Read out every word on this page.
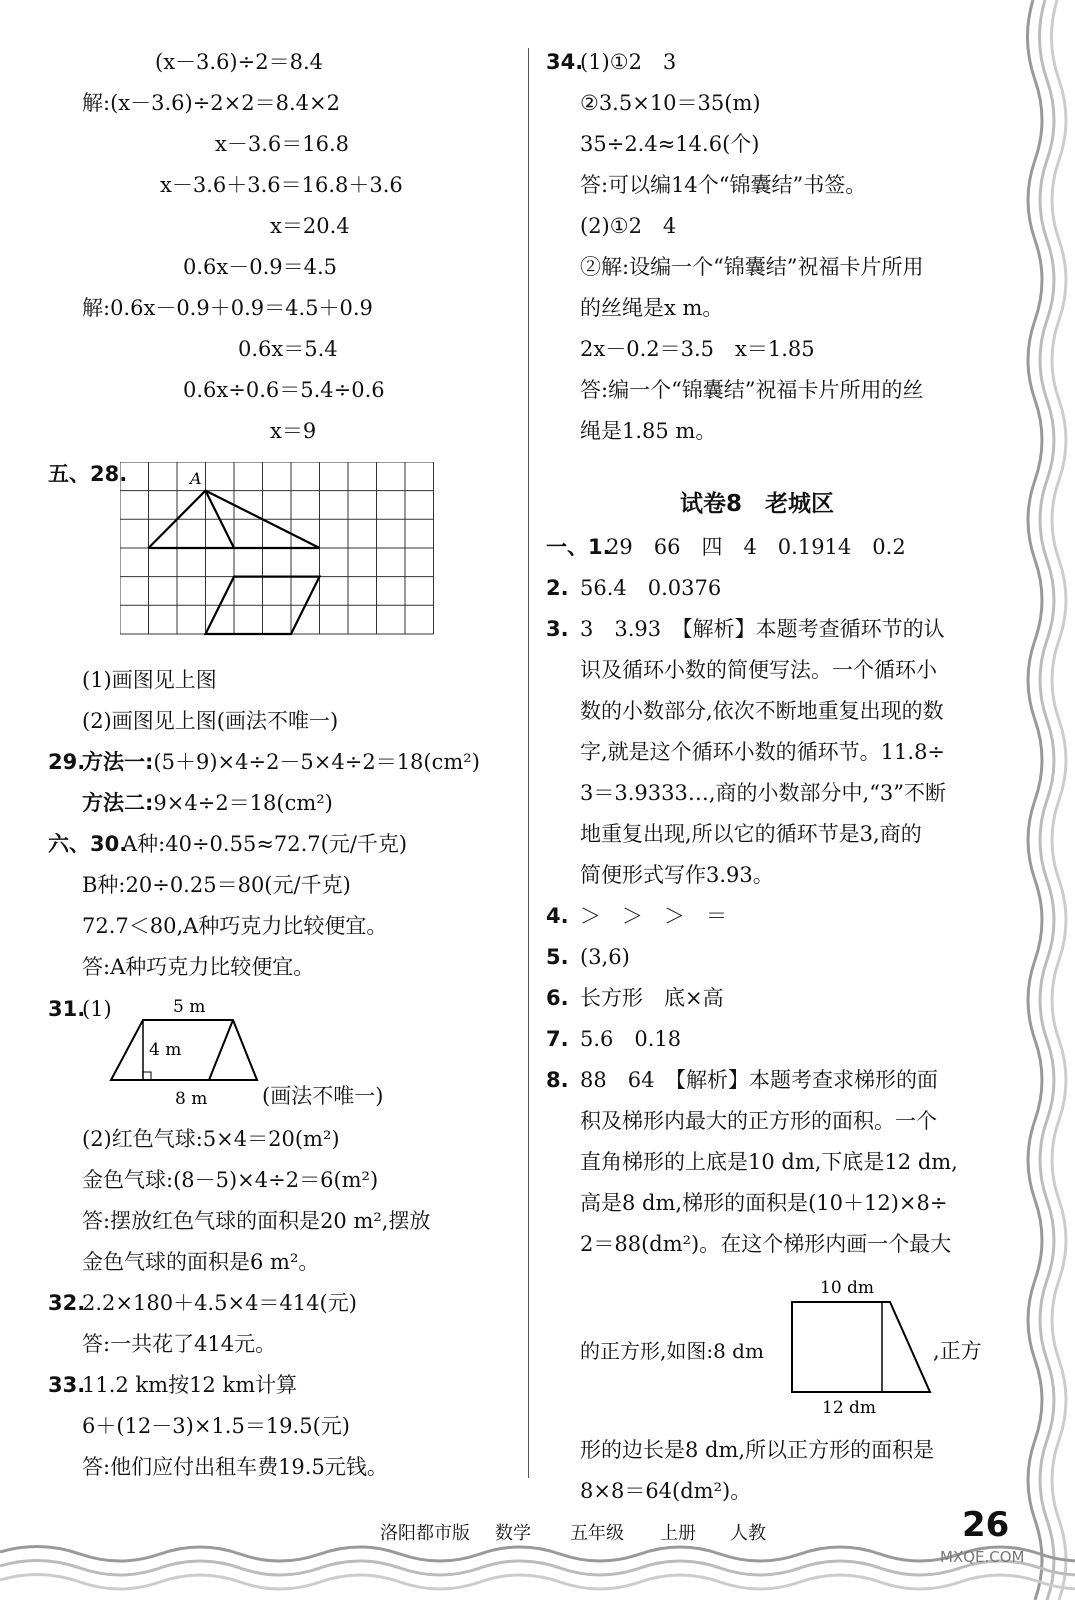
(x－3.6)÷2＝8.4
解:(x－3.6)÷2×2＝8.4×2
x－3.6＝16.8
x－3.6＋3.6＝16.8＋3.6
x＝20.4
0.6x－0.9＝4.5
解:0.6x－0.9＋0.9＝4.5＋0.9
0.6x＝5.4
0.6x÷0.6＝5.4÷0.6
x＝9
五、28.	A
(1)画图见上图
(2)画图见上图(画法不唯一)
29.
方法一:(5＋9)×4÷2－5×4÷2＝18(cm²)
方法二:9×4÷2＝18(cm²)
六、30.
A种:40÷0.55≈72.7(元/千克)
B种:20÷0.25＝80(元/千克)
72.7＜80,A种巧克力比较便宜。
答:A种巧克力比较便宜。
31.
(1)	5 m
4 m
8 m	(画法不唯一)
(2)红色气球:5×4＝20(m²)
金色气球:(8－5)×4÷2＝6(m²)
答:摆放红色气球的面积是20 m²,摆放
金色气球的面积是6 m²。
32.
2.2×180＋4.5×4＝414(元)
答:一共花了414元。
33.
11.2 km按12 km计算
6＋(12－3)×1.5＝19.5(元)
答:他们应付出租车费19.5元钱。
34.
(1)①2　3
②3.5×10＝35(m)
35÷2.4≈14.6(个)
答:可以编14个“锦囊结”书签。
(2)①2　4
②解:设编一个“锦囊结”祝福卡片所用
的丝绳是x m。
2x－0.2＝3.5　x＝1.85
答:编一个“锦囊结”祝福卡片所用的丝
绳是1.85 m。
试卷8　老城区
一、1.
29　66　四　4　0.1914　0.2
2. 56.4　0.0376
3. 3　3.93　【解析】本题考查循环节的认
识及循环小数的简便写法。一个循环小
数的小数部分,依次不断地重复出现的数
字,就是这个循环小数的循环节。11.8÷
3＝3.9333…,商的小数部分中,“3”不断
地重复出现,所以它的循环节是3,商的
简便形式写作3.93。
4. ＞　＞　＞　＝
5. (3,6)
6. 长方形　底×高
7. 5.6　0.18
8. 88　64　【解析】本题考查求梯形的面
积及梯形内最大的正方形的面积。一个
直角梯形的上底是10 dm,下底是12 dm,
高是8 dm,梯形的面积是(10＋12)×8÷
2＝88(dm²)。在这个梯形内画一个最大
的正方形,如图:8 dm
10 dm
12 dm
,正方
形的边长是8 dm,所以正方形的面积是
8×8＝64(dm²)。
洛阳都市版 数学 五年级 上册 人教	26
MXQE.COM
